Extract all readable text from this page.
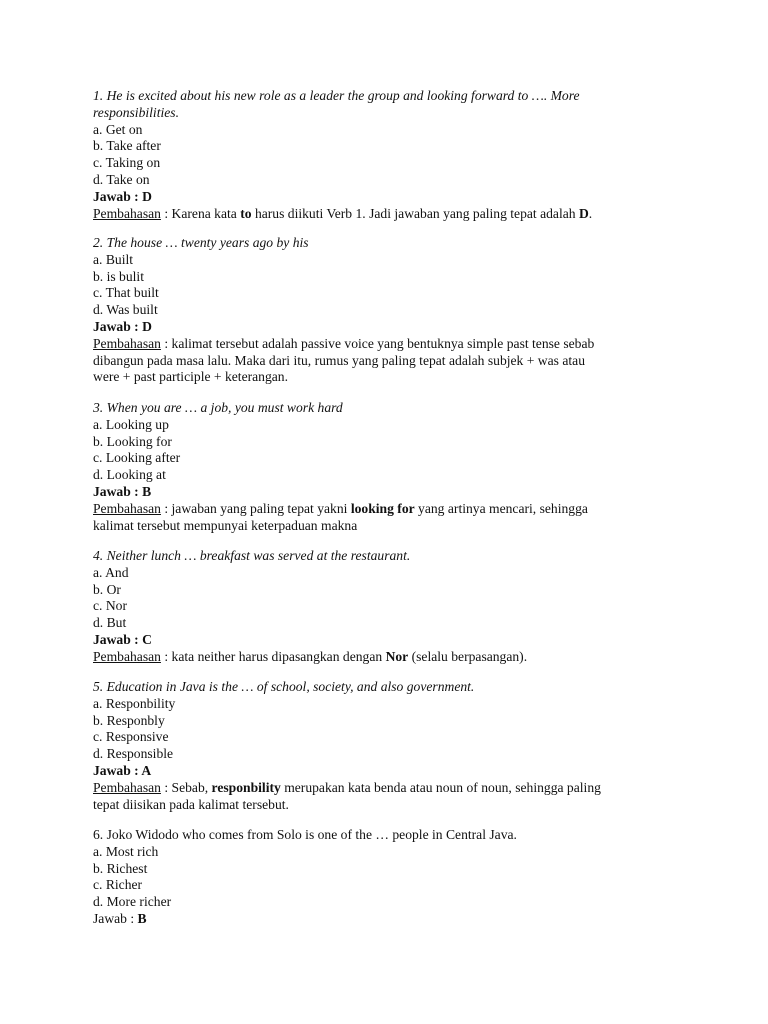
1. He is excited about his new role as a leader the group and looking forward to …. More
responsibilities.
a. Get on
b. Take after
c. Taking on
d. Take on
Jawab : D
Pembahasan : Karena kata to harus diikuti Verb 1. Jadi jawaban yang paling tepat adalah D.
2. The house … twenty years ago by his
a. Built
b. is bulit
c. That built
d. Was built
Jawab : D
Pembahasan : kalimat tersebut adalah passive voice yang bentuknya simple past tense sebab
dibangun pada masa lalu. Maka dari itu, rumus yang paling tepat adalah subjek + was atau
were + past participle + keterangan.
3. When you are … a job, you must work hard
a. Looking up
b. Looking for
c. Looking after
d. Looking at
Jawab : B
Pembahasan : jawaban yang paling tepat yakni looking for yang artinya mencari, sehingga
kalimat tersebut mempunyai keterpaduan makna
4. Neither lunch … breakfast was served at the restaurant.
a. And
b. Or
c. Nor
d. But
Jawab : C
Pembahasan : kata neither harus dipasangkan dengan Nor (selalu berpasangan).
5. Education in Java is the … of school, society, and also government.
a. Responbility
b. Responbly
c. Responsive
d. Responsible
Jawab : A
Pembahasan : Sebab, responbility merupakan kata benda atau noun of noun, sehingga paling
tepat diisikan pada kalimat tersebut.
6. Joko Widodo who comes from Solo is one of the … people in Central Java.
a. Most rich
b. Richest
c. Richer
d. More richer
Jawab : B
